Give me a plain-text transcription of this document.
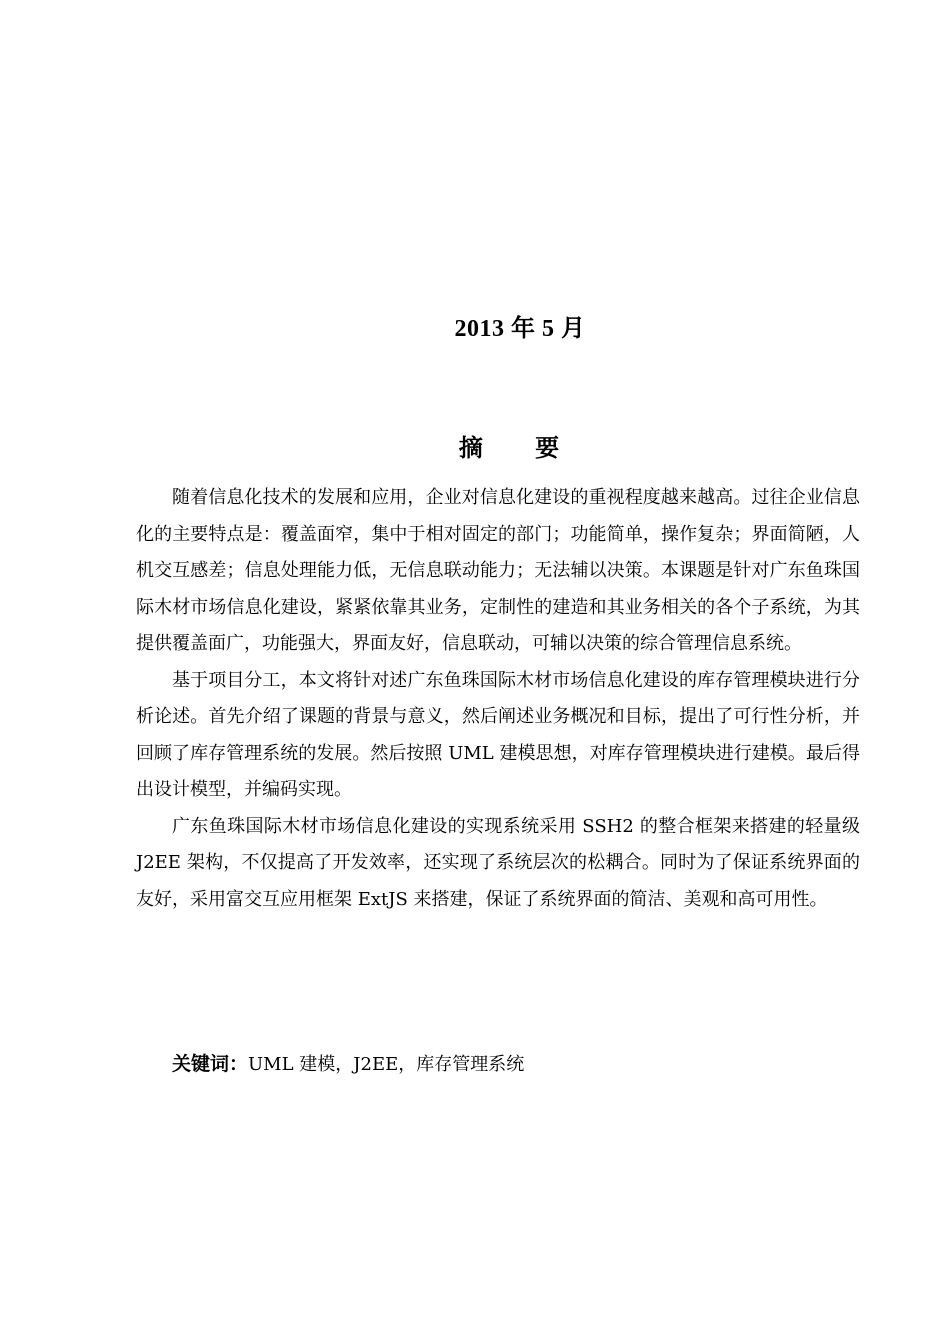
2013 年 5 月
摘 要

随着信息化技术的发展和应用，企业对信息化建设的重视程度越来越高。过往企业信息化的主要特点是：覆盖面窄，集中于相对固定的部门；功能简单，操作复杂；界面简陋，人机交互感差；信息处理能力低，无信息联动能力；无法辅以决策。本课题是针对广东鱼珠国际木材市场信息化建设，紧紧依靠其业务，定制性的建造和其业务相关的各个子系统，为其提供覆盖面广，功能强大，界面友好，信息联动，可辅以决策的综合管理信息系统。

基于项目分工，本文将针对述广东鱼珠国际木材市场信息化建设的库存管理模块进行分析论述。首先介绍了课题的背景与意义，然后阐述业务概况和目标，提出了可行性分析，并回顾了库存管理系统的发展。然后按照 UML 建模思想，对库存管理模块进行建模。最后得出设计模型，并编码实现。

广东鱼珠国际木材市场信息化建设的实现系统采用 SSH2 的整合框架来搭建的轻量级 J2EE 架构，不仅提高了开发效率，还实现了系统层次的松耦合。同时为了保证系统界面的友好，采用富交互应用框架 ExtJS 来搭建，保证了系统界面的简洁、美观和高可用性。

关键词：UML 建模，J2EE，库存管理系统
